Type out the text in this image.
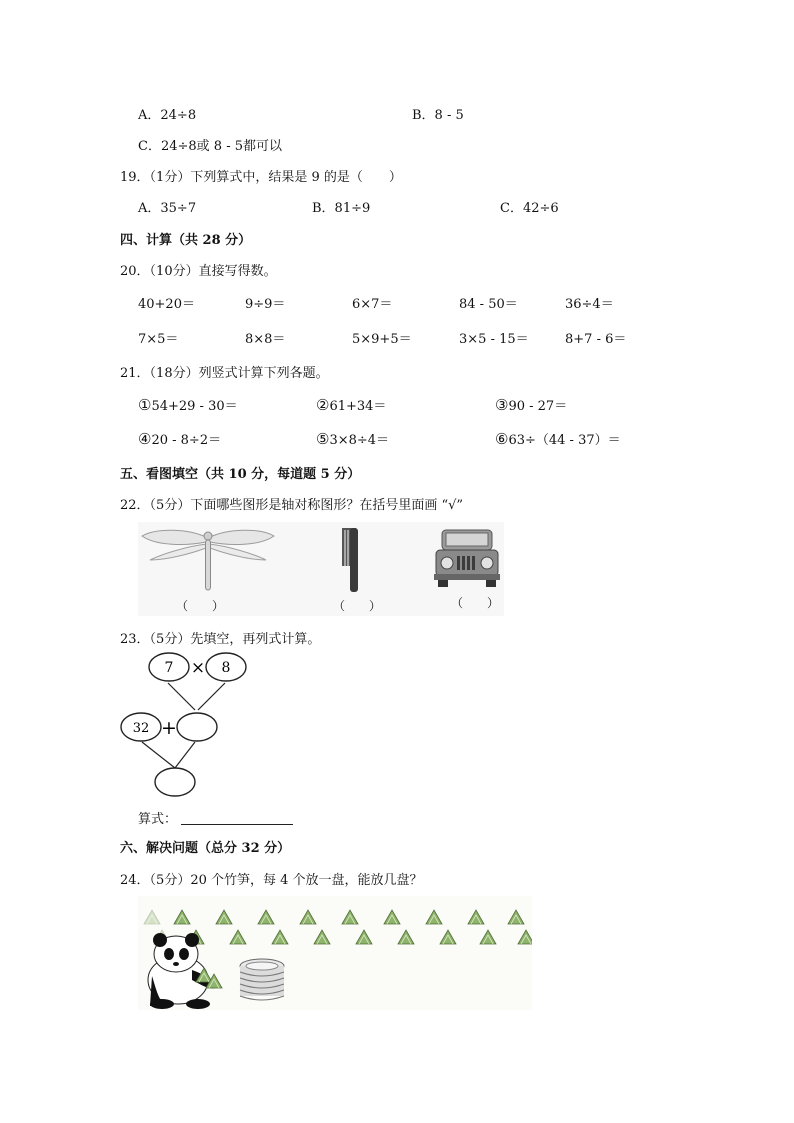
A．24÷8	B．8 - 5
C．24÷8或 8 - 5都可以
19．（1分）下列算式中，结果是 9 的是（　　）
A．35÷7	B．81÷9	C．42÷6
四、计算（共 28 分）
20．（10分）直接写得数。
40+20＝	9÷9＝	6×7＝	84 - 50＝	36÷4＝
7×5＝	8×8＝	5×9+5＝	3×5 - 15＝	8+7 - 6＝
21．（18分）列竖式计算下列各题。
①54+29 - 30＝	②61+34＝	③90 - 27＝
④20 - 8÷2＝	⑤3×8÷4＝	⑥63÷（44 - 37）＝
五、看图填空（共 10 分，每道题 5 分）
22．（5分）下面哪些图形是轴对称图形？在括号里面画 “√”
（　　）	（　　）	（　　）
23．（5分）先填空，再列式计算。
7 × 8
32 +
算式：
六、解决问题（总分 32 分）
24．（5分）20 个竹笋，每 4 个放一盘，能放几盘？
